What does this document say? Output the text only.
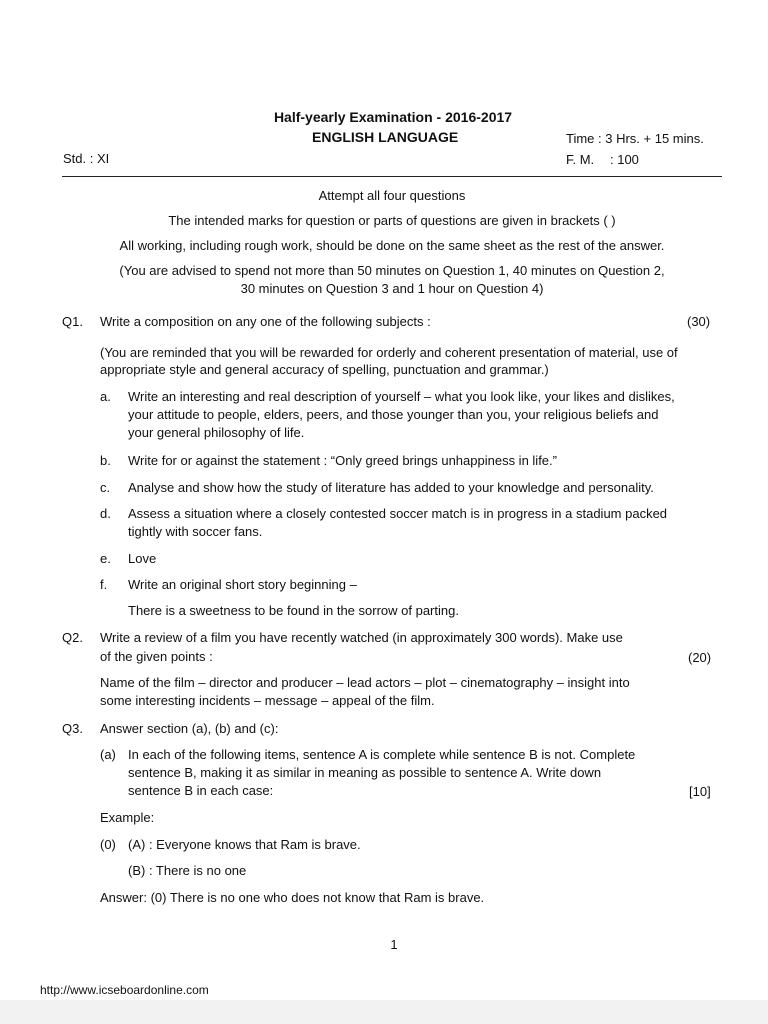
Half-yearly Examination - 2016-2017
ENGLISH LANGUAGE	Time : 3 Hrs. + 15 mins.
Std. : XI	F. M. : 100
Attempt all four questions
The intended marks for question or parts of questions are given in brackets ( )
All working, including rough work, should be done on the same sheet as the rest of the answer.
(You are advised to spend not more than 50 minutes on Question 1, 40 minutes on Question 2,
30 minutes on Question 3 and 1 hour on Question 4)
Q1. Write a composition on any one of the following subjects :	(30)
(You are reminded that you will be rewarded for orderly and coherent presentation of material, use of
appropriate style and general accuracy of spelling, punctuation and grammar.)
a. Write an interesting and real description of yourself – what you look like, your likes and dislikes,
your attitude to people, elders, peers, and those younger than you, your religious beliefs and
your general philosophy of life.
b. Write for or against the statement : “Only greed brings unhappiness in life.”
c. Analyse and show how the study of literature has added to your knowledge and personality.
d. Assess a situation where a closely contested soccer match is in progress in a stadium packed
tightly with soccer fans.
e. Love
f. Write an original short story beginning –
There is a sweetness to be found in the sorrow of parting.
Q2. Write a review of a film you have recently watched (in approximately 300 words). Make use
of the given points :	(20)
Name of the film – director and producer – lead actors – plot – cinematography – insight into
some interesting incidents – message – appeal of the film.
Q3. Answer section (a), (b) and (c):
(a) In each of the following items, sentence A is complete while sentence B is not. Complete
sentence B, making it as similar in meaning as possible to sentence A. Write down
sentence B in each case:	[10]
Example:
(0) (A) : Everyone knows that Ram is brave.
(B) : There is no one
Answer: (0) There is no one who does not know that Ram is brave.
1
http://www.icseboardonline.com
